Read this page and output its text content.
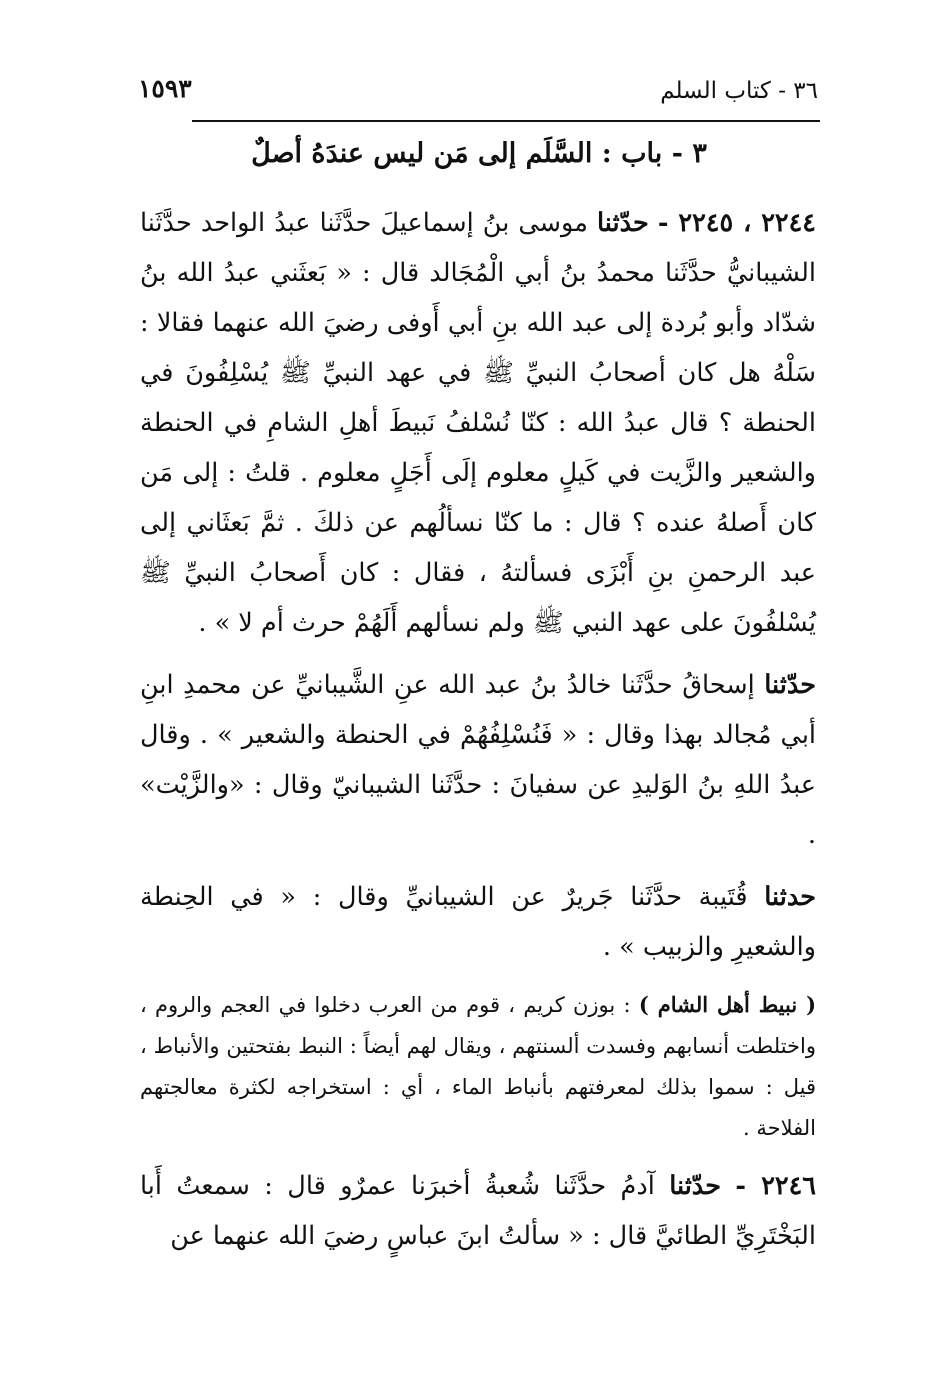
٣٦ - كتاب السلم
١٥٩٣
٣ - باب : السَّلَم إلى مَن ليس عندَهُ أصلٌ

٢٢٤٤ ، ٢٢٤٥ - حدّثنا موسى بنُ إسماعيلَ حدَّثَنا عبدُ الواحد حدَّثَنا الشيبانيُّ حدَّثَنا محمدُ بنُ أبي الْمُجَالد قال : « بَعثَني عبدُ الله بنُ شدّاد وأبو بُردة إلى عبد الله بنِ أبي أَوفى رضيَ الله عنهما فقالا : سَلْهُ هل كان أصحابُ النبيِّ ﷺ في عهد النبيِّ ﷺ يُسْلِفُونَ في الحنطة ؟ قال عبدُ الله : كنّا نُسْلفُ نَبيطَ أهلِ الشامِ في الحنطة والشعير والزَّيت في كَيلٍ معلوم إلَى أَجَلٍ معلوم . قلتُ : إلى مَن كان أَصلهُ عنده ؟ قال : ما كنّا نسألُهم عن ذلكَ . ثمَّ بَعثَاني إلى عبد الرحمنِ بنِ أَبْزَى فسألتهُ ، فقال : كان أَصحابُ النبيِّ ﷺ يُسْلفُونَ على عهد النبي ﷺ ولم نسألهم أَلَهُمْ حرث أم لا » .

حدّثنا إسحاقُ حدَّثَنا خالدُ بنُ عبد الله عنِ الشَّيبانيِّ عن محمدِ ابنِ أبي مُجالد بهذا وقال : « فَنُسْلِفُهُمْ في الحنطة والشعير » . وقال عبدُ اللهِ بنُ الوَليدِ عن سفيانَ : حدَّثَنا الشيبانيّ وقال : «والزَّيْت» .

حدثنا قُتَيبة حدَّثَنا جَريرٌ عن الشيبانيِّ وقال : « في الحِنطة والشعيرِ والزبيب » .

( نبيط أهل الشام ) : بوزن كريم ، قوم من العرب دخلوا في العجم والروم ، واختلطت أنسابهم وفسدت ألسنتهم ، ويقال لهم أيضاً : النبط بفتحتين والأنباط ، قيل : سموا بذلك لمعرفتهم بأنباط الماء ، أي : استخراجه لكثرة معالجتهم الفلاحة .

٢٢٤٦ - حدّثنا آدمُ حدَّثَنا شُعبةُ أخبرَنا عمرٌو قال : سمعتُ أَبا البَخْتَرِيِّ الطائيَّ قال : « سألتُ ابنَ عباسٍ رضيَ الله عنهما عن
